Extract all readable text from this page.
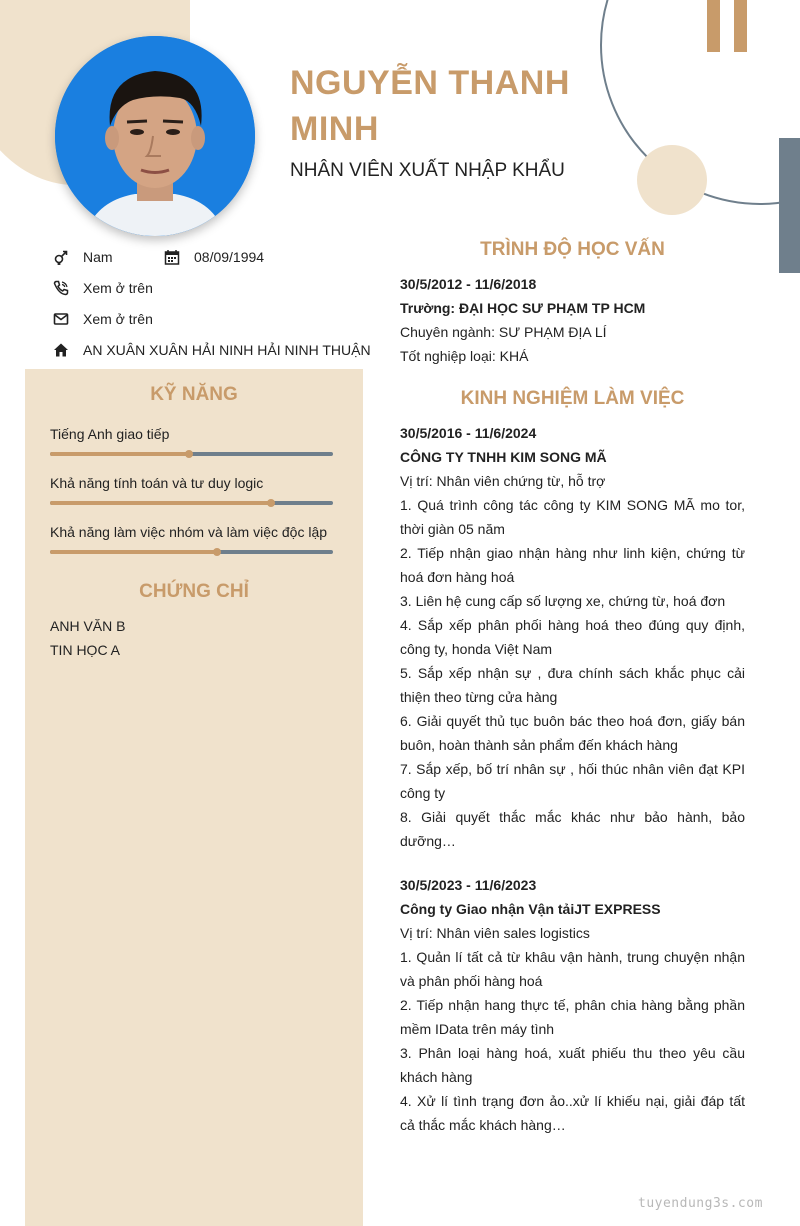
NGUYỄN THANH MINH
NHÂN VIÊN XUẤT NHẬP KHẨU
Nam	08/09/1994
Xem ở trên
Xem ở trên
AN XUÂN XUÂN HẢI NINH HẢI NINH THUẬN
KỸ NĂNG
CHỨNG CHỈ
Tiếng Anh giao tiếp
Khả năng tính toán và tư duy logic
Khả năng làm việc nhóm và làm việc độc lập
ANH VĂN B
TIN HỌC A
TRÌNH ĐỘ HỌC VẤN
30/5/2012 - 11/6/2018
Trường: ĐẠI HỌC SƯ PHẠM TP HCM
Chuyên ngành: SƯ PHẠM ĐỊA LÍ
Tốt nghiệp loại: KHÁ
KINH NGHIỆM LÀM VIỆC
30/5/2016 - 11/6/2024
CÔNG TY TNHH KIM SONG MÃ
Vị trí: Nhân viên chứng từ, hỗ trợ
1. Quá trình công tác công ty KIM SONG MÃ mo tor, thời giàn 05 năm
2. Tiếp nhận giao nhận hàng như linh kiện, chứng từ hoá đơn hàng hoá
3. Liên hệ cung cấp số lượng xe, chứng từ, hoá đơn
4. Sắp xếp phân phối hàng hoá theo đúng quy định, công ty, honda Việt Nam
5. Sắp xếp nhận sự , đưa chính sách khắc phục cải thiện theo từng cửa hàng
6. Giải quyết thủ tục buôn bác theo hoá đơn, giấy bán buôn, hoàn thành sản phẩm đến khách hàng
7. Sắp xếp, bố trí nhân sự , hối thúc nhân viên đạt KPI công ty
8. Giải quyết thắc mắc khác như bảo hành, bảo dưỡng…
30/5/2023 - 11/6/2023
Công ty Giao nhận Vận tảiJT EXPRESS
Vị trí: Nhân viên sales logistics
1. Quản lí tất cả từ khâu vận hành, trung chuyện nhận và phân phối hàng hoá
2. Tiếp nhận hang thực tế, phân chia hàng bằng phần mềm IData trên máy tình
3. Phân loại hàng hoá, xuất phiếu thu theo yêu cầu khách hàng
4. Xử lí tình trạng đơn ảo..xử lí khiếu nại, giải đáp tất cả thắc mắc khách hàng…
tuyendung3s.com
